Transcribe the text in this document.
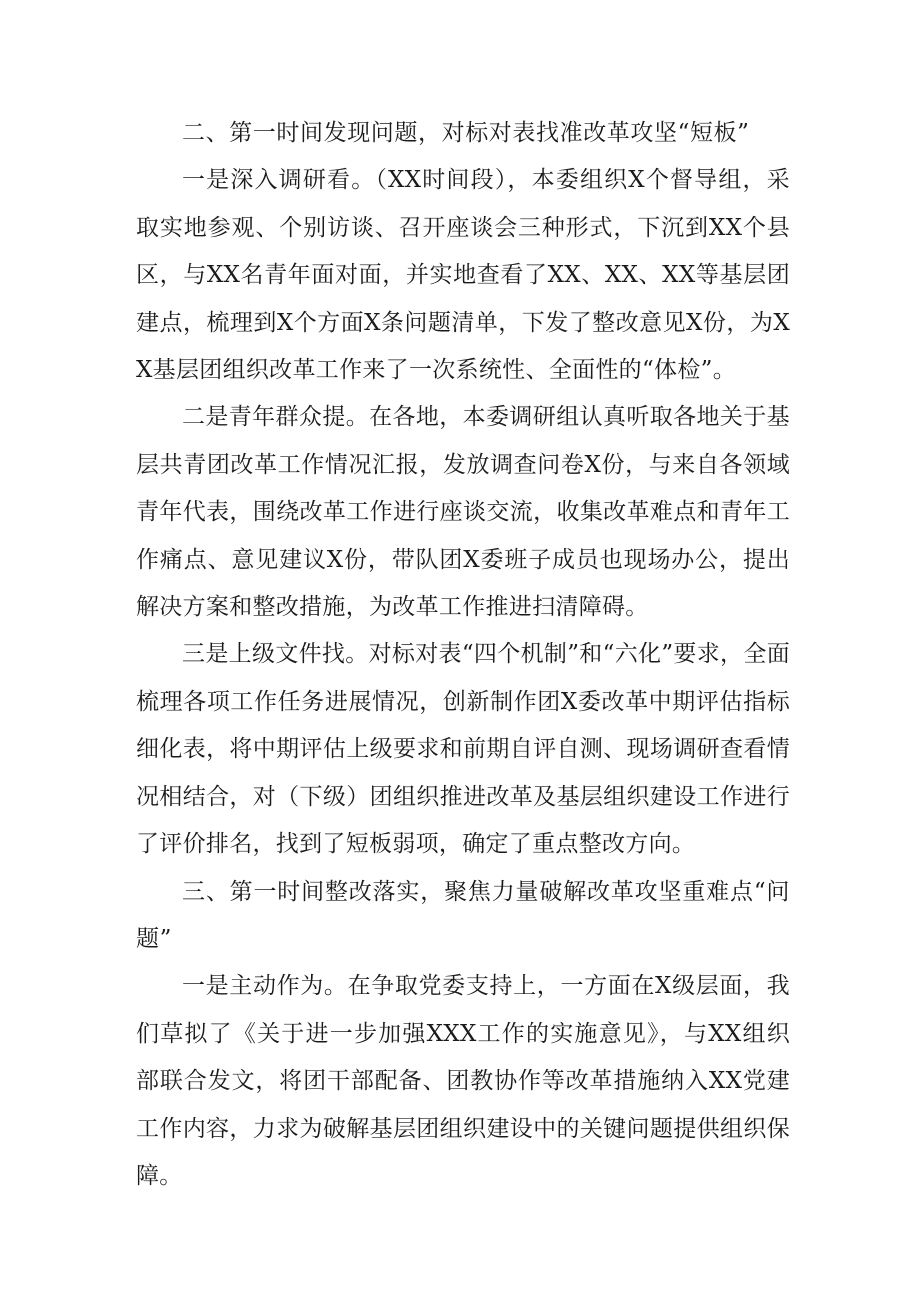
二、第一时间发现问题，对标对表找准改革攻坚“短板”

一是深入调研看。（XX时间段），本委组织X个督导组，采取实地参观、个别访谈、召开座谈会三种形式，下沉到XX个县区，与XX名青年面对面，并实地查看了XX、XX、XX等基层团建点，梳理到X个方面X条问题清单，下发了整改意见X份，为XX基层团组织改革工作来了一次系统性、全面性的“体检”。

二是青年群众提。在各地，本委调研组认真听取各地关于基层共青团改革工作情况汇报，发放调查问卷X份，与来自各领域青年代表，围绕改革工作进行座谈交流，收集改革难点和青年工作痛点、意见建议X份，带队团X委班子成员也现场办公，提出解决方案和整改措施，为改革工作推进扫清障碍。

三是上级文件找。对标对表“四个机制”和“六化”要求，全面梳理各项工作任务进展情况，创新制作团X委改革中期评估指标细化表，将中期评估上级要求和前期自评自测、现场调研查看情况相结合，对（下级）团组织推进改革及基层组织建设工作进行了评价排名，找到了短板弱项，确定了重点整改方向。

三、第一时间整改落实，聚焦力量破解改革攻坚重难点“问题”

一是主动作为。在争取党委支持上，一方面在X级层面，我们草拟了《关于进一步加强XXX工作的实施意见》，与XX组织部联合发文，将团干部配备、团教协作等改革措施纳入XX党建工作内容，力求为破解基层团组织建设中的关键问题提供组织保障。
